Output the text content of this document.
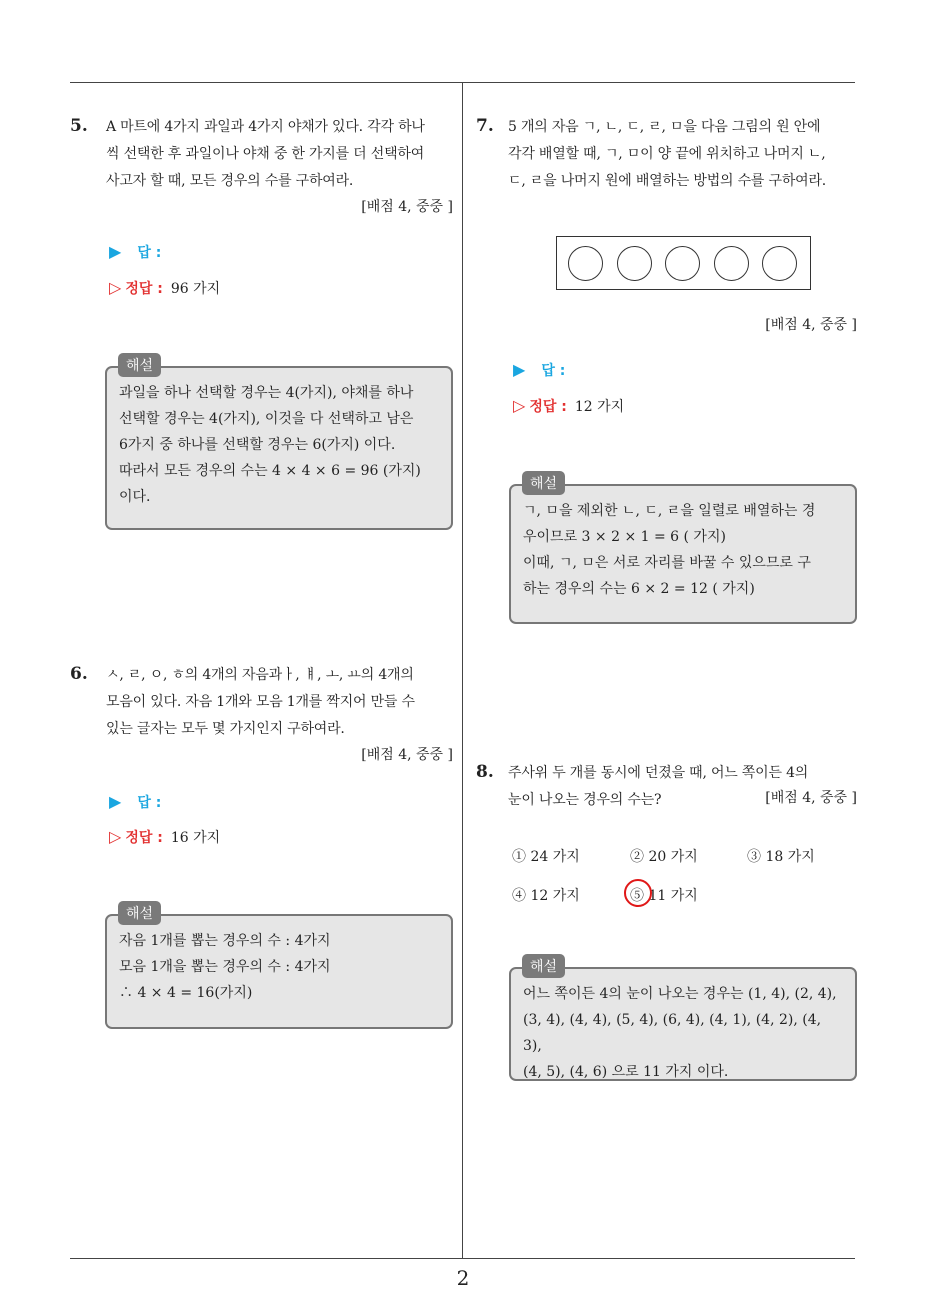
2
5. A 마트에 4가지 과일과 4가지 야채가 있다. 각각 하나
씩 선택한 후 과일이나 야채 중 한 가지를 더 선택하여
사고자 할 때, 모든 경우의 수를 구하여라.
[배점 4, 중중 ]
▶ 답 :
▷ 정답 : 96 가지
과일을 하나 선택할 경우는 4(가지), 야채를 하나
선택할 경우는 4(가지), 이것을 다 선택하고 남은
6가지 중 하나를 선택할 경우는 6(가지) 이다.
따라서 모든 경우의 수는 4 × 4 × 6 = 96 (가지)
이다.
해설
6. ㅅ, ㄹ, ㅇ, ㅎ의 4개의 자음과ㅏ, ㅒ, ㅗ, ㅛ의 4개의
모음이 있다. 자음 1개와 모음 1개를 짝지어 만들 수
있는 글자는 모두 몇 가지인지 구하여라.
[배점 4, 중중 ]
▶ 답 :
▷ 정답 : 16 가지
자음 1개를 뽑는 경우의 수 : 4가지
모음 1개을 뽑는 경우의 수 : 4가지
∴ 4 × 4 = 16(가지)
해설
7. 5 개의 자음 ㄱ, ㄴ, ㄷ, ㄹ, ㅁ을 다음 그림의 원 안에
각각 배열할 때, ㄱ, ㅁ이 양 끝에 위치하고 나머지 ㄴ,
ㄷ, ㄹ을 나머지 원에 배열하는 방법의 수를 구하여라.
[배점 4, 중중 ]
▶ 답 :
▷ 정답 : 12 가지
ㄱ, ㅁ을 제외한 ㄴ, ㄷ, ㄹ을 일렬로 배열하는 경
우이므로 3 × 2 × 1 = 6 ( 가지)
이때, ㄱ, ㅁ은 서로 자리를 바꿀 수 있으므로 구
하는 경우의 수는 6 × 2 = 12 ( 가지)
해설
8. 주사위 두 개를 동시에 던졌을 때, 어느 쪽이든 4의
눈이 나오는 경우의 수는?	[배점 4, 중중 ]
① 24 가지	② 20 가지	③ 18 가지
④ 12 가지	⑤ 11 가지
어느 쪽이든 4의 눈이 나오는 경우는 (1, 4), (2, 4),
(3, 4), (4, 4), (5, 4), (6, 4), (4, 1), (4, 2), (4, 3),
(4, 5), (4, 6) 으로 11 가지 이다.
해설
